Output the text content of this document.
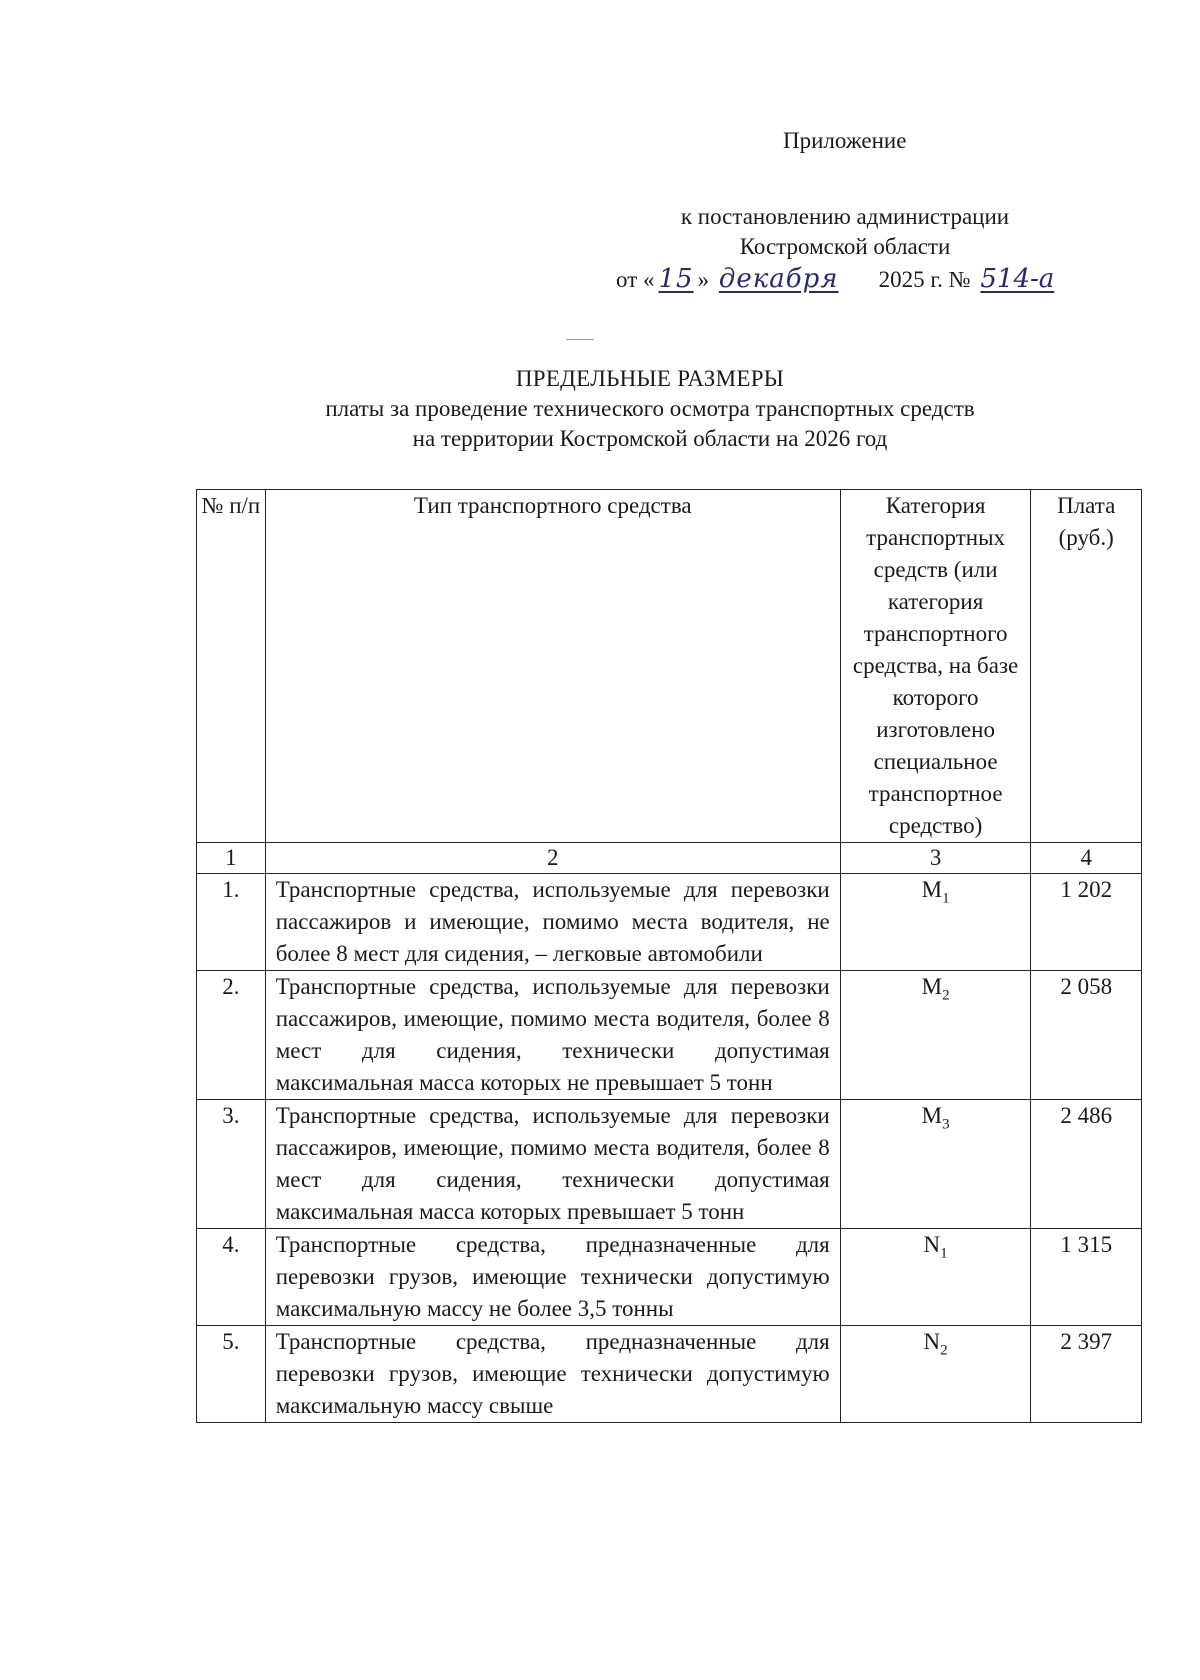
Приложение
к постановлению администрации
Костромской области
от « 15 » декабря 2025 г. № 514-а
ПРЕДЕЛЬНЫЕ РАЗМЕРЫ
платы за проведение технического осмотра транспортных средств
на территории Костромской области на 2026 год
№ п/п	Тип транспортного средства	Категория транспортных средств (или категория транспортного средства, на базе которого изготовлено специальное транспортное средство)	Плата (руб.)
1	2	3	4
1.	Транспортные средства, используемые для перевозки пассажиров и имеющие, помимо места водителя, не более 8 мест для сидения, – легковые автомобили	$M_1$	1 202
2.	Транспортные средства, используемые для перевозки пассажиров, имеющие, помимо места водителя, более 8 мест для сидения, технически допустимая максимальная масса которых не превышает 5 тонн	$M_2$	2 058
3.	Транспортные средства, используемые для перевозки пассажиров, имеющие, помимо места водителя, более 8 мест для сидения, технически допустимая максимальная масса которых превышает 5 тонн	$M_3$	2 486
4.	Транспортные средства, предназначенные для перевозки грузов, имеющие технически допустимую максимальную массу не более 3,5 тонны	$N_1$	1 315
5.	Транспортные средства, предназначенные для перевозки грузов, имеющие технически допустимую максимальную массу свыше	$N_2$	2 397
